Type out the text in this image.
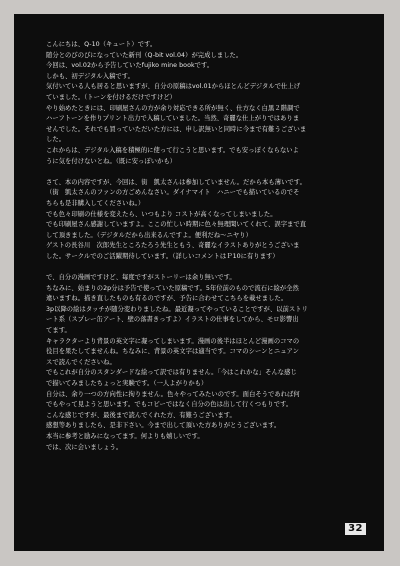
こんにちは、Q-10（キュート）です。
随分とのびのびになっていた新刊（Q-bit vol.04）が完成しました。
今回は、vol.02から予告していたfujiko mine bookです。
しかも、初デジタル入稿です。
気付いている人も居ると思いますが、自分の原稿はvol.01からほとんどデジタルで仕上げ
ていました。（トーンを付けるだけですけど）
やり始めたときには、印刷屋さんの方が余り対応できる所が無く、仕方なく白黒２階調で
ハーフトーンを作りプリント出力で入稿していました。当然、奇麗な仕上がりではありま
せんでした。それでも買っていただいた方には、申し訳無いと同時に今まで有難うございま
した。
これからは、デジタル入稿を積極的に使って行こうと思います。でも安っぽくならないよ
うに気を付けないとね。（既に安っぽいかも）
さて、本の内容ですが、今回は、街　凱太さんは参加していません。だから本も薄いです。
（街　凱太さんのファンの方ごめんなさい。ダイナマイト　ハニーでも描いているのでそ
ちらも是非購入してくださいね。）
でも色々印刷の仕様を変えたら、いつもより コストが高くなってしまいました。
でも印刷屋さん感謝していますよ。ここの忙しい時期に色々無理聞いてくれて、誤字まで直
して頂きました。（デジタルだから出来るんですよ。便利だね〜ニヤり）
ゲストの長谷川　次郎先生ところたろう先生ともう、奇麗なイラストありがとうございま
した。サークルでのご活躍期待しています。（詳しいコメントはＰ10に有ります）
で、自分の漫画ですけど、毎度ですがストーリーは余り無いです。
ちなみに、始まりの2p分は予告で使っていた原稿です。5年位前のもので流石に絵が全然
違いますね。描き直したものも有るのですが、予告に合わせてこちらを載せました。
3p以降の絵はタッチが随分変わりましたね。最近凝ってやっていることですが、以前ストリ
ート系（スプレー缶アート、壁の落書きっすよ）イラストの仕事をしてから、モロ影響出
てます。
キャラクターより背景の英文字に凝ってしまいます。漫画の後半はほとんど漫画のコマの
役目を果たしてませんね。ちなみに、背景の英文字は適当です。コマのシーンとニュアン
スで読んでくださいね。
でもこれが自分のスタンダードな絵って訳では有りません。「今はこれかな」そんな感じ
で描いてみましたちょっと実験です。（一人よがりかも）
自分は、余り一つの方向性に拘りません。色々やってみたいのです。面白そうであれば何
でもやって見ようと思います。でもコピーではなく自分の色は出して行くつもりです。
こんな感じですが、最後まで読んでくれた方、有難うございます。
感想等ありましたら、是非下さい。今まで出して頂いた方ありがとうございます。
本当に参考と励みになってます。何よりも嬉しいです。
では、次に会いましょう。
32
